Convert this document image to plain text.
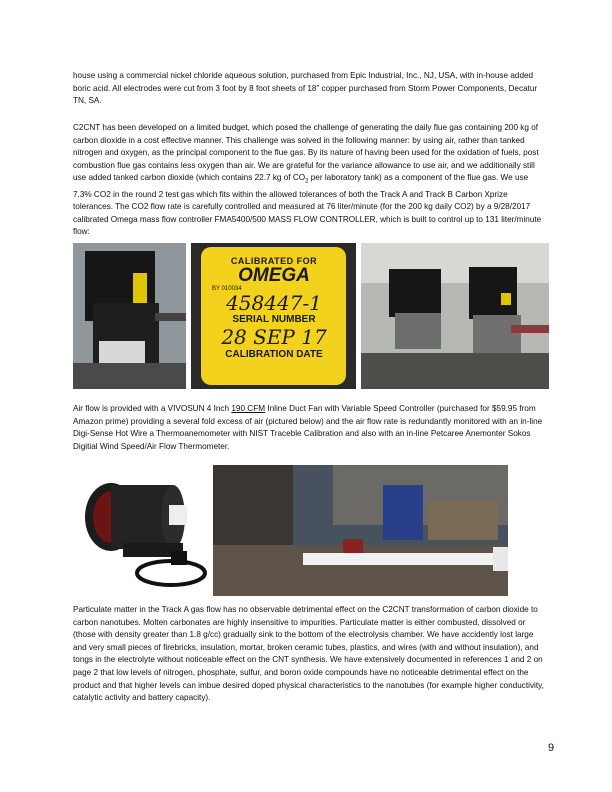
house using a commercial nickel chloride aqueous solution, purchased from Epic Industrial, Inc., NJ, USA, with in-house added boric acid. All electrodes were cut from 3 foot by 8 foot sheets of 18” copper purchased from Storm Power Components, Decatur TN, SA.

C2CNT has been developed on a limited budget, which posed the challenge of generating the daily flue gas containing 200 kg of carbon dioxide in a cost effective manner. This challenge was solved in the following manner: by using air, rather than tanked nitrogen and oxygen, as the principal component to the flue gas. By its nature of having been used for the oxidation of fuels, post combustion flue gas contains less oxygen than air. We are grateful for the variance allowance to use air, and we additionally still use added tanked carbon dioxide (which contains 22.7 kg of $CO_2$ per laboratory tank) as a component of the flue gas. We use 7.3% CO2 in the round 2 test gas which fits within the allowed tolerances of both the Track A and Track B Carbon Xprize tolerances. The CO2 flow rate is carefully controlled and measured at 76 liter/minute (for the 200 kg daily CO2) by a 9/28/2017 calibrated Omega mass flow controller FMA5400/500 MASS FLOW CONTROLLER, which is built to control up to 131 liter/minute flow:

CALIBRATED FOR
OMEGA
BY 010034
458447-1
SERIAL NUMBER
28 SEP 17
CALIBRATION DATE

Air flow is provided with a VIVOSUN 4 Inch 190 CFM Inline Duct Fan with Variable Speed Controller (purchased for $59.95 from Amazon prime) providing a several fold excess of air (pictured below) and the air flow rate is redundantly monitored with an in-line Digi-Sense Hot Wire a Thermoanemometer with NIST Traceble Calibration and also with an in-line Petcaree Anemonter Sokos Digitial Wind Speed/Air Flow Thermometer.

Particulate matter in the Track A gas flow has no observable detrimental effect on the C2CNT transformation of carbon dioxide to carbon nanotubes. Molten carbonates are highly insensitive to impurities. Particulate matter is either combusted, dissolved or (those with density greater than 1.8 g/cc) gradually sink to the bottom of the electrolysis chamber. We have accidently lost large and very small pieces of firebricks, insulation, mortar, broken ceramic tubes, plastics, and wires (with and without insulation), and tongs in the electrolyte without noticeable effect on the CNT synthesis. We have extensively documented in references 1 and 2 on page 2 that low levels of nitrogen, phosphate, sulfur, and boron oxide compounds have no noticeable detrimental effect on the product and that higher levels can imbue desired doped physical characteristics to the nanotubes (for example higher conductivity, catalytic activity and battery capacity).

9
